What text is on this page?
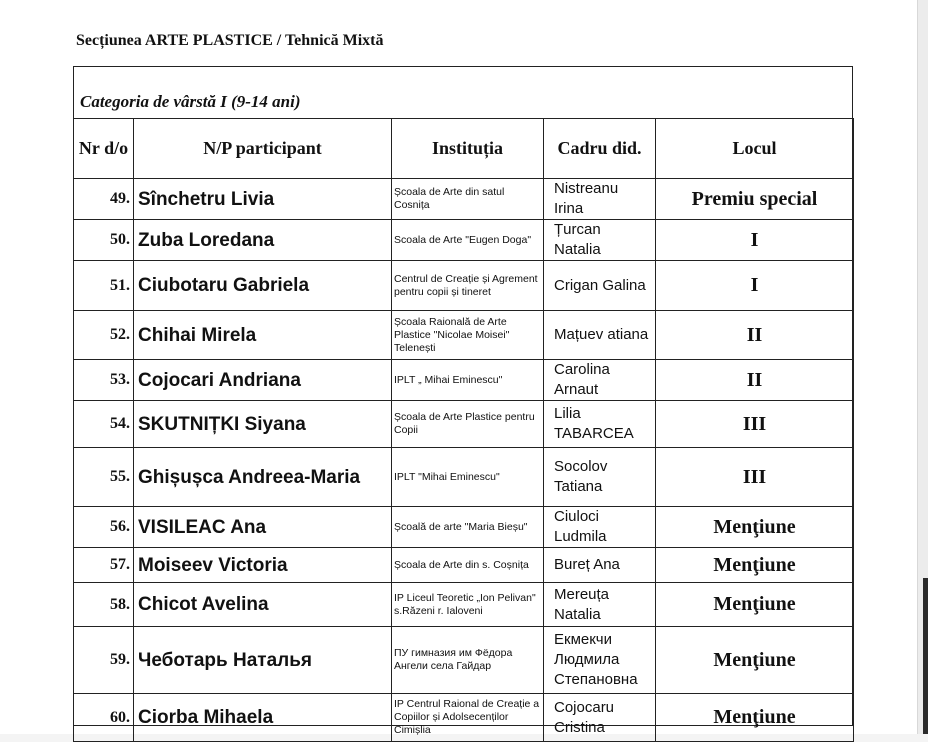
Secțiunea ARTE PLASTICE / Tehnică Mixtă
Categoria de vârstă I (9-14 ani)
Nr d/o	N/P participant	Instituția	Cadru did.	Locul
49.	Sînchetru Livia	Școala de Arte din satul Cosnița	Nistreanu Irina	Premiu special
50.	Zuba Loredana	Scoala de Arte "Eugen Doga"	Țurcan Natalia	I
51.	Ciubotaru Gabriela	Centrul de Creație și Agrement pentru copii și tineret	Crigan Galina	I
52.	Chihai Mirela	Școala Raională de Arte Plastice "Nicolae Moisei" Telenești	Mațuev atiana	II
53.	Cojocari Andriana	IPLT „ Mihai Eminescu"	Carolina Arnaut	II
54.	SKUTNIȚKI Siyana	Școala de Arte Plastice pentru Copii	Lilia TABARCEA	III
55.	Ghișușca Andreea-Maria	IPLT "Mihai Eminescu"	Socolov Tatiana	III
56.	VISILEAC Ana	Școală de arte "Maria Bieșu"	Ciuloci Ludmila	Menţiune
57.	Moiseev Victoria	Școala de Arte din s. Coșnița	Bureț Ana	Menţiune
58.	Chicot Avelina	IP Liceul Teoretic „Ion Pelivan" s.Răzeni r. Ialoveni	Mereuța Natalia	Menţiune
59.	Чеботарь Наталья	ПУ гимназия им Фёдора Ангели села Гайдар	Екмекчи Людмила Степановна	Menţiune
60.	Ciorba Mihaela	IP Centrul Raional de Creație a Copiilor și Adolsecenților Cimișlia	Cojocaru Cristina	Menţiune
